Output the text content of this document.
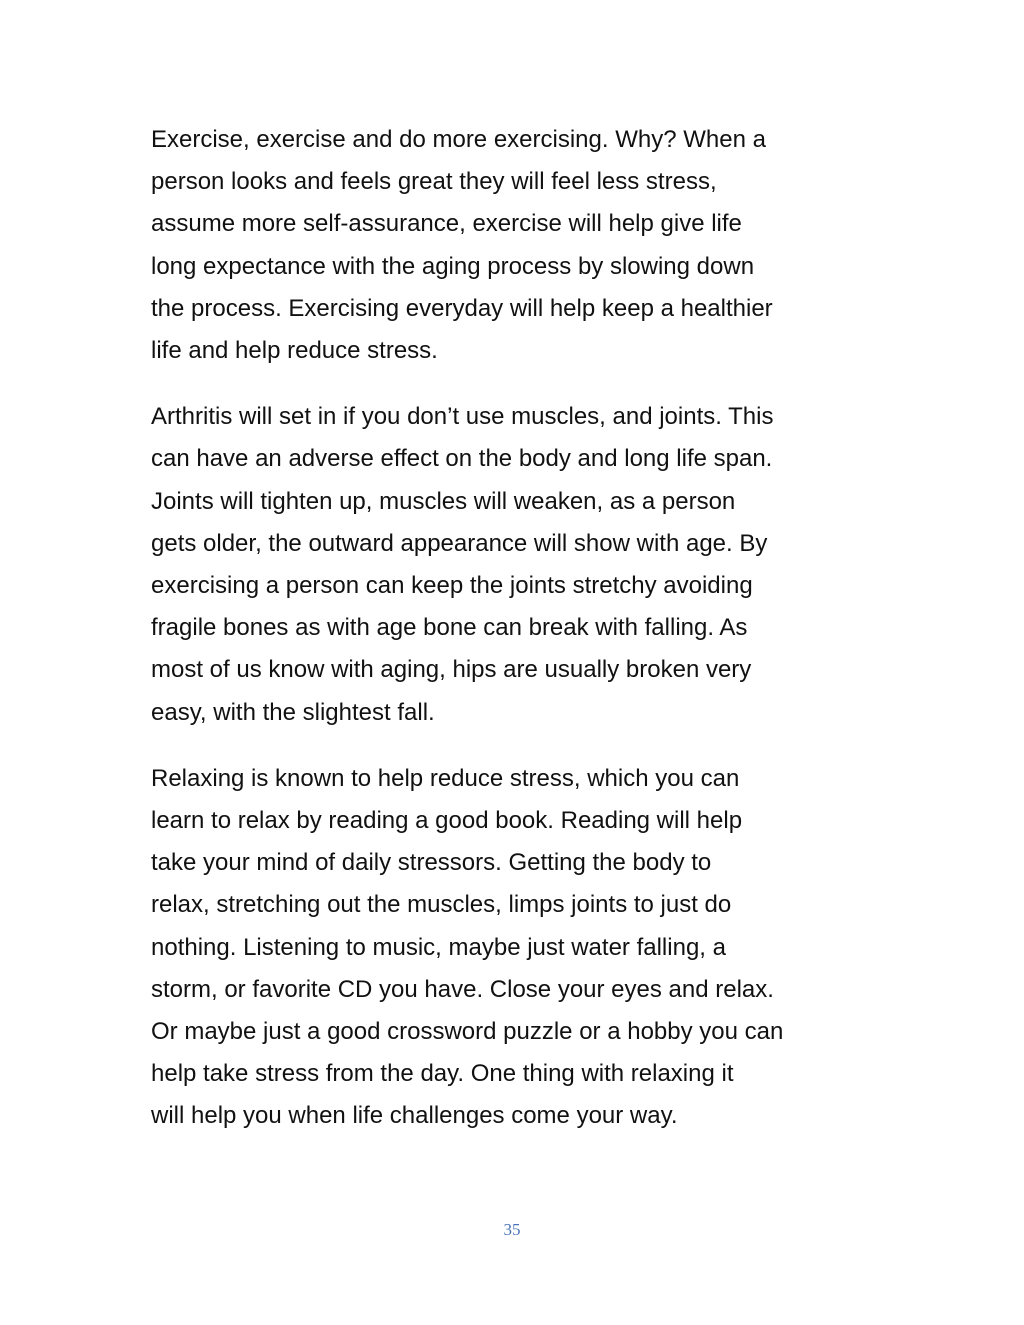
Exercise, exercise and do more exercising. Why? When a
person looks and feels great they will feel less stress,
assume more self-assurance, exercise will help give life
long expectance with the aging process by slowing down
the process. Exercising everyday will help keep a healthier
life and help reduce stress.

Arthritis will set in if you don’t use muscles, and joints. This
can have an adverse effect on the body and long life span.
Joints will tighten up, muscles will weaken, as a person
gets older, the outward appearance will show with age. By
exercising a person can keep the joints stretchy avoiding
fragile bones as with age bone can break with falling. As
most of us know with aging, hips are usually broken very
easy, with the slightest fall.

Relaxing is known to help reduce stress, which you can
learn to relax by reading a good book. Reading will help
take your mind of daily stressors. Getting the body to
relax, stretching out the muscles, limps joints to just do
nothing. Listening to music, maybe just water falling, a
storm, or favorite CD you have. Close your eyes and relax.
Or maybe just a good crossword puzzle or a hobby you can
help take stress from the day. One thing with relaxing it
will help you when life challenges come your way.

35
